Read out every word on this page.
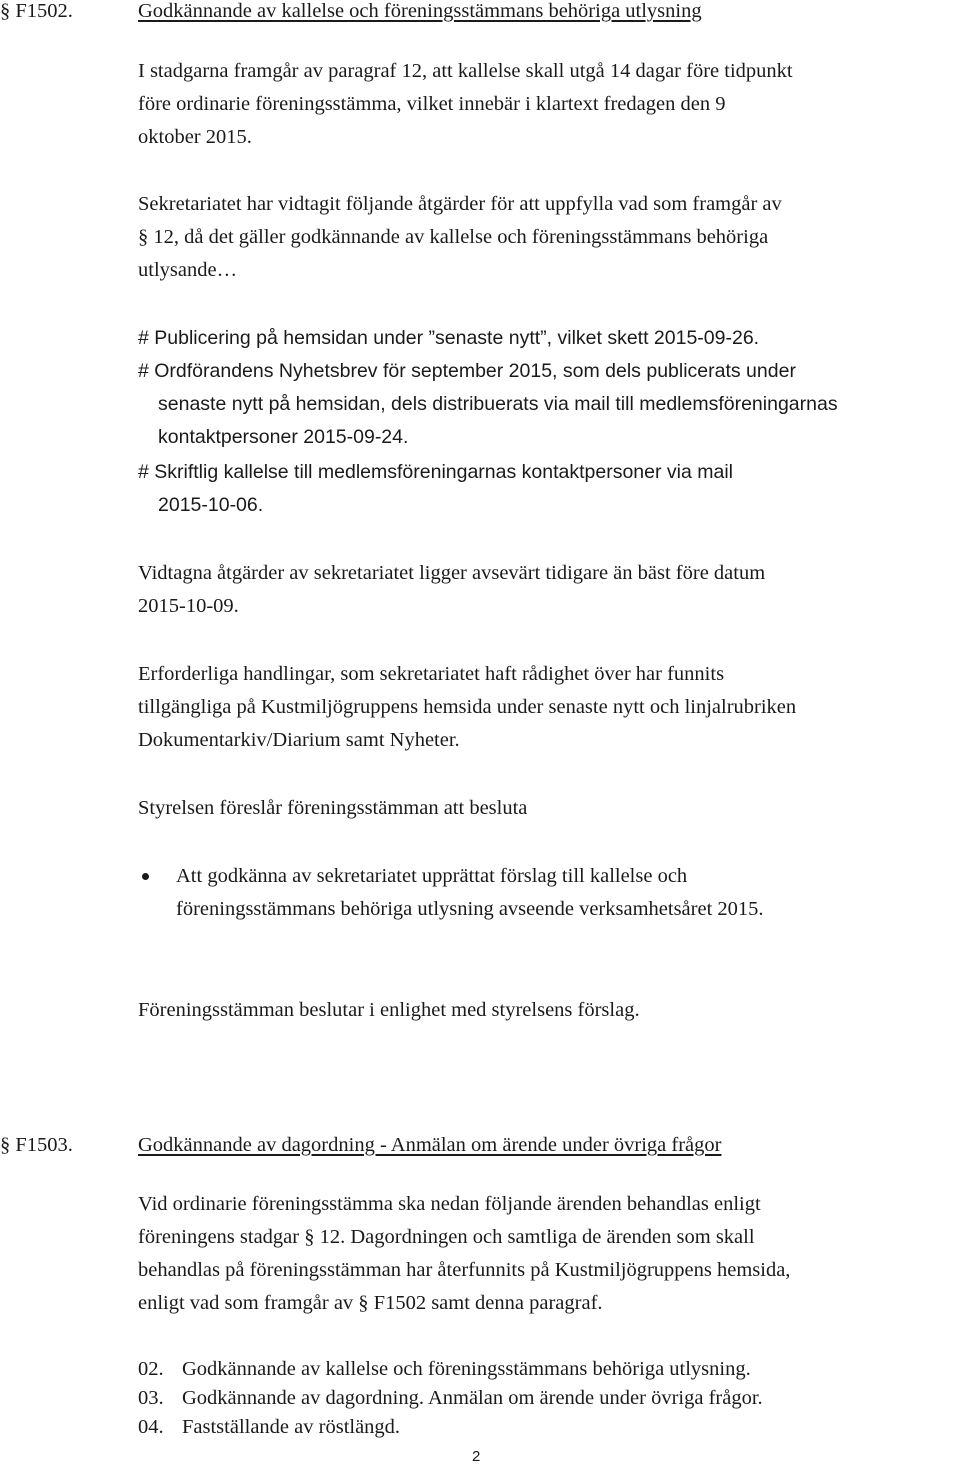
§ F1502.	Godkännande av kallelse och föreningsstämmans behöriga utlysning
I stadgarna framgår av paragraf 12, att kallelse skall utgå 14 dagar före tidpunkt
före ordinarie föreningsstämma, vilket innebär i klartext fredagen den 9
oktober 2015.
Sekretariatet har vidtagit följande åtgärder för att uppfylla vad som framgår av
§ 12, då det gäller godkännande av kallelse och föreningsstämmans behöriga
utlysande…
# Publicering på hemsidan under ”senaste nytt”, vilket skett 2015-09-26.
# Ordförandens Nyhetsbrev för september 2015, som dels publicerats under
senaste nytt på hemsidan, dels distribuerats via mail till medlemsföreningarnas
kontaktpersoner 2015-09-24.
# Skriftlig kallelse till medlemsföreningarnas kontaktpersoner via mail
2015-10-06.
Vidtagna åtgärder av sekretariatet ligger avsevärt tidigare än bäst före datum
2015-10-09.
Erforderliga handlingar, som sekretariatet haft rådighet över har funnits
tillgängliga på Kustmiljögruppens hemsida under senaste nytt och linjalrubriken
Dokumentarkiv/Diarium samt Nyheter.
Styrelsen föreslår föreningsstämman att besluta
Att godkänna av sekretariatet upprättat förslag till kallelse och
föreningsstämmans behöriga utlysning avseende verksamhetsåret 2015.
Föreningsstämman beslutar i enlighet med styrelsens förslag.
§ F1503.	Godkännande av dagordning - Anmälan om ärende under övriga frågor
Vid ordinarie föreningsstämma ska nedan följande ärenden behandlas enligt
föreningens stadgar § 12. Dagordningen och samtliga de ärenden som skall
behandlas på föreningsstämman har återfunnits på Kustmiljögruppens hemsida,
enligt vad som framgår av § F1502 samt denna paragraf.
02. Godkännande av kallelse och föreningsstämmans behöriga utlysning.
03. Godkännande av dagordning. Anmälan om ärende under övriga frågor.
04. Fastställande av röstlängd.
2
